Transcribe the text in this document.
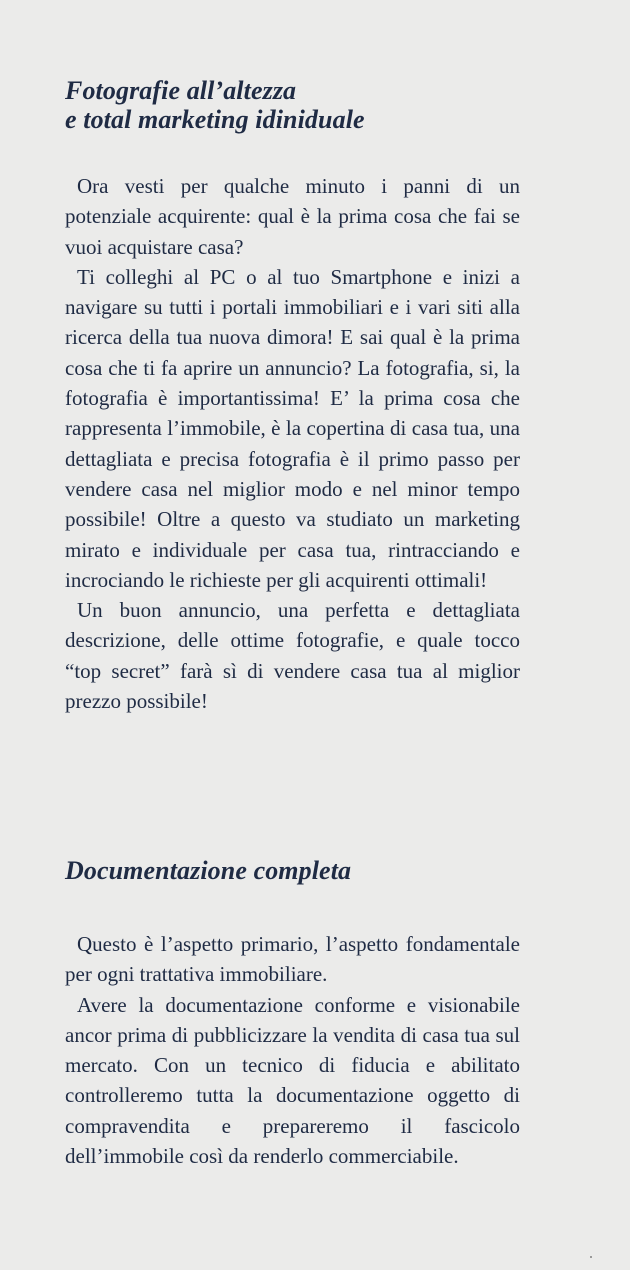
Fotografie all’altezza
e total marketing idiniduale

Ora vesti per qualche minuto i panni di un potenziale acquirente: qual è la prima cosa che fai se vuoi acquistare casa?

Ti colleghi al PC o al tuo Smartphone e inizi a navigare su tutti i portali immobiliari e i vari siti alla ricerca della tua nuova dimora! E sai qual è la prima cosa che ti fa aprire un annuncio? La fotografia, si, la fotografia è importantissima! E’ la prima cosa che rappresenta l’immobile, è la copertina di casa tua, una dettagliata e precisa fotografia è il primo passo per vendere casa nel miglior modo e nel minor tempo possibile! Oltre a questo va studiato un marketing mirato e individuale per casa tua, rintracciando e incrociando le richieste per gli acquirenti ottimali!

Un buon annuncio, una perfetta e dettagliata descrizione, delle ottime fotografie, e quale tocco “top secret” farà sì di vendere casa tua al miglior prezzo possibile!

Documentazione completa

Questo è l’aspetto primario, l’aspetto fondamentale per ogni trattativa immobiliare.

Avere la documentazione conforme e visionabile ancor prima di pubblicizzare la vendita di casa tua sul mercato. Con un tecnico di fiducia e abilitato controlleremo tutta la documentazione oggetto di compravendita e prepareremo il fascicolo dell’immobile così da renderlo commerciabile.
